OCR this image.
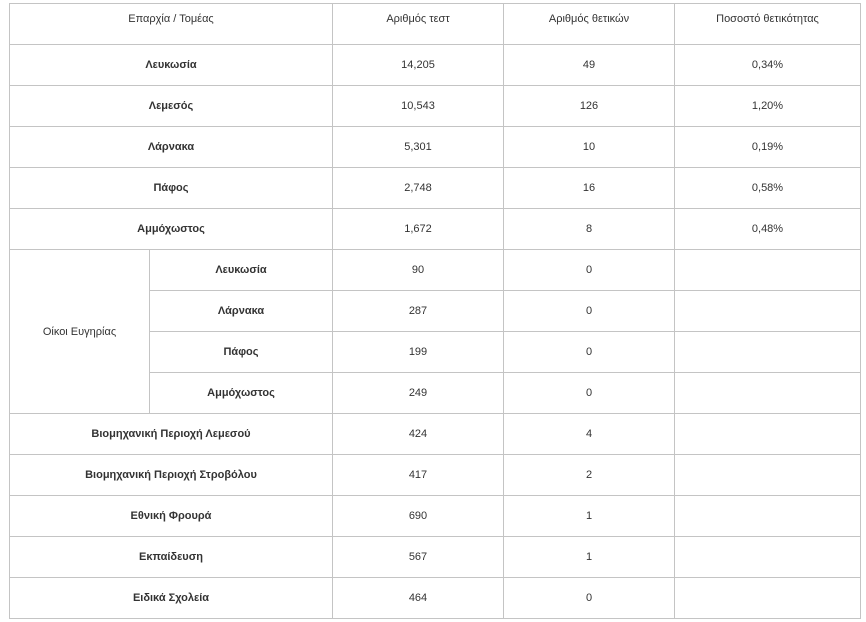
Επαρχία / Τομέας		Αριθμός τεστ	Αριθμός θετικών	Ποσοστό θετικότητας
Λευκωσία		14,205	49	0,34%
Λεμεσός		10,543	126	1,20%
Λάρνακα		5,301	10	0,19%
Πάφος		2,748	16	0,58%
Αμμόχωστος		1,672	8	0,48%
Οίκοι Ευγηρίας	Λευκωσία	90	0	
	Λάρνακα	287	0	
	Πάφος	199	0	
	Αμμόχωστος	249	0	
Βιομηχανική Περιοχή Λεμεσού		424	4	
Βιομηχανική Περιοχή Στροβόλου		417	2	
Εθνική Φρουρά		690	1	
Εκπαίδευση		567	1	
Ειδικά Σχολεία		464	0	
